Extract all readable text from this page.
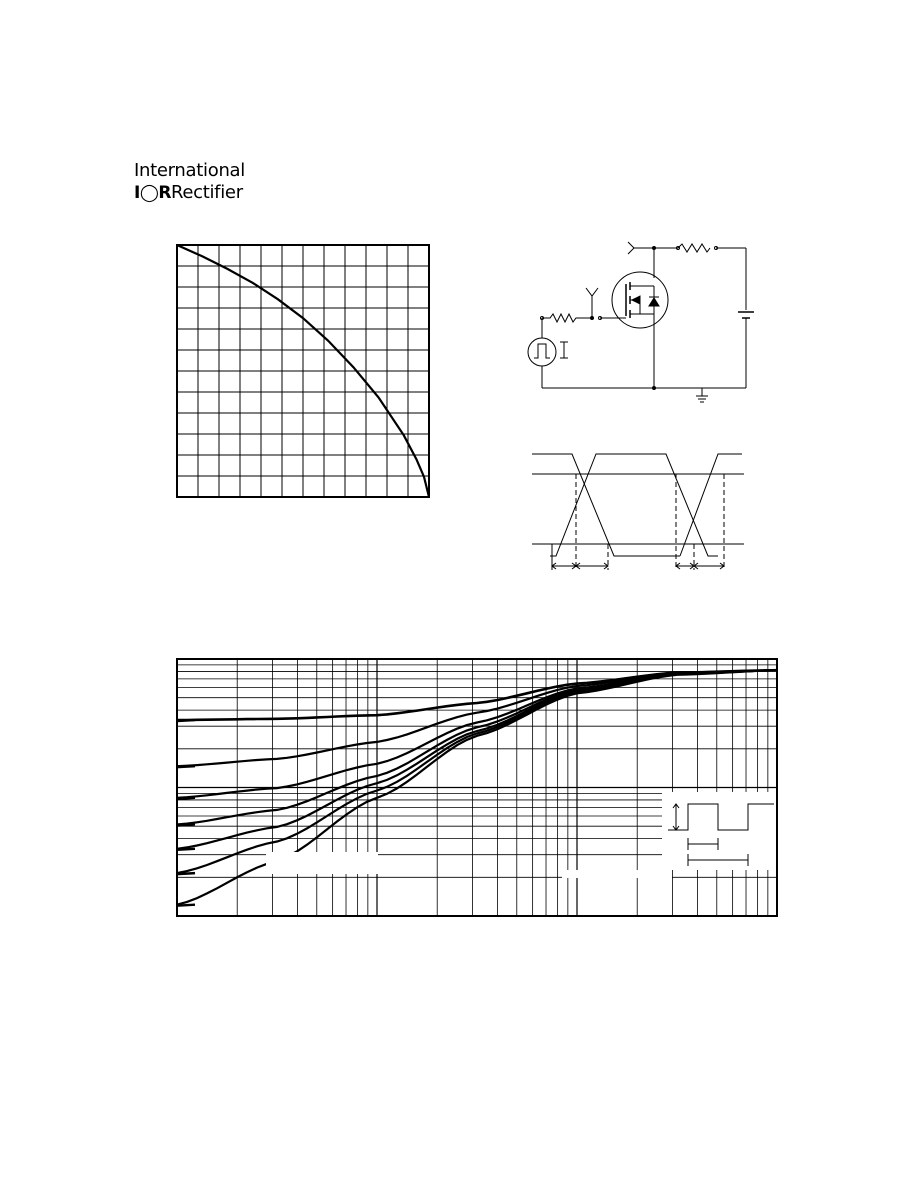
International
I◯RRectifier
